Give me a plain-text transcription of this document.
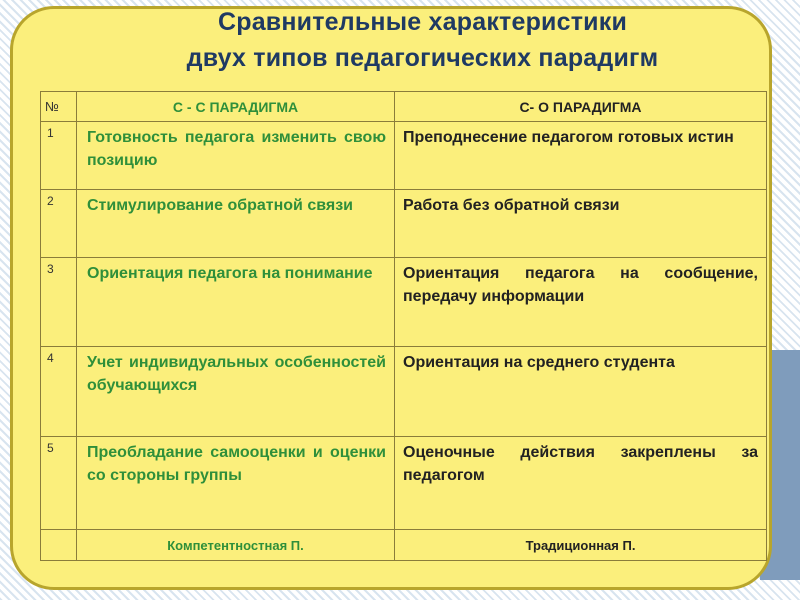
Сравнительные характеристики
двух типов педагогических парадигм
№	С - С ПАРАДИГМА	С- О ПАРАДИГМА
1	Готовность педагога изменить свою позицию	Преподнесение педагогом готовых истин
2	Стимулирование обратной связи	Работа без обратной связи
3	Ориентация педагога на понимание	Ориентация педагога на сообщение, передачу информации
4	Учет индивидуальных особенностей обучающихся	Ориентация на среднего студента
5	Преобладание самооценки и оценки со стороны группы	Оценочные действия закреплены за педагогом
	Компетентностная П.	Традиционная П.
